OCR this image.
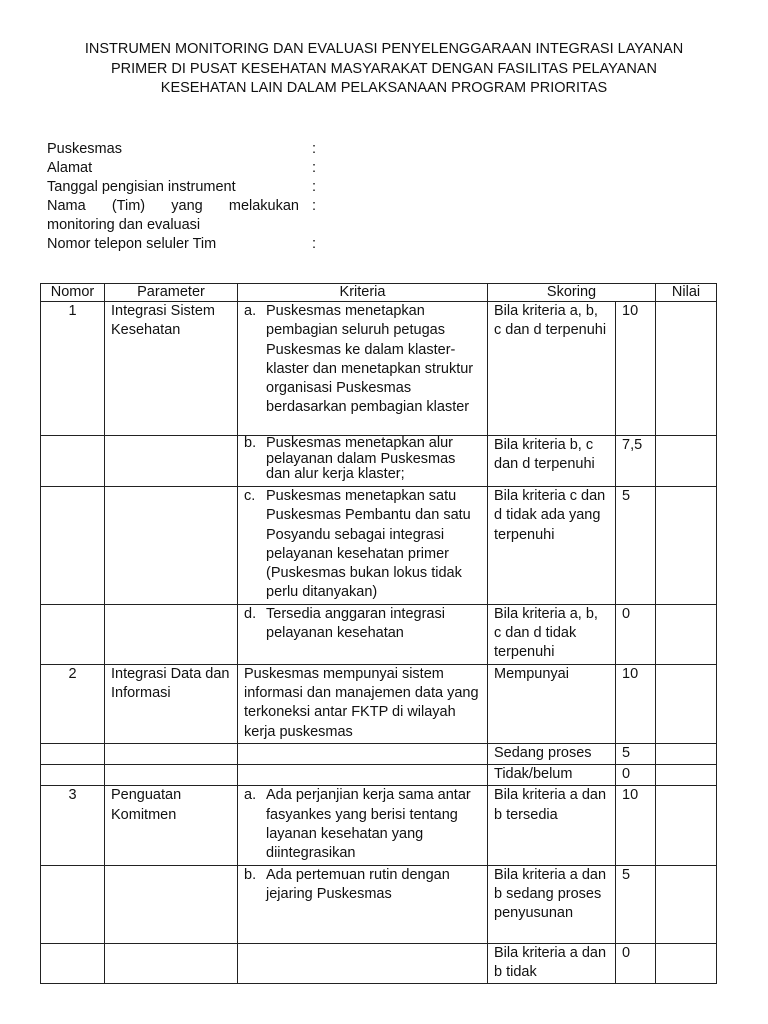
INSTRUMEN MONITORING DAN EVALUASI PENYELENGGARAAN INTEGRASI LAYANAN
PRIMER DI PUSAT KESEHATAN MASYARAKAT DENGAN FASILITAS PELAYANAN
KESEHATAN LAIN DALAM PELAKSANAAN PROGRAM PRIORITAS
Puskesmas	:
Alamat	:
Tanggal pengisian instrument	:
Nama (Tim) yang melakukan monitoring dan evaluasi
:
Nomor telepon seluler Tim	:
Nomor	Parameter	Kriteria	Skoring		Nilai
1	Integrasi Sistem Kesehatan	a. Puskesmas menetapkan pembagian seluruh petugas Puskesmas ke dalam klaster-klaster dan menetapkan struktur organisasi Puskesmas berdasarkan pembagian klaster	Bila kriteria a, b, c dan d terpenuhi	10	

		b. Puskesmas menetapkan alur pelayanan dalam Puskesmas dan alur kerja klaster;	Bila kriteria b, c dan d terpenuhi	7,5	

		c. Puskesmas menetapkan satu Puskesmas Pembantu dan satu Posyandu sebagai integrasi pelayanan kesehatan primer (Puskesmas bukan lokus tidak perlu ditanyakan)	Bila kriteria c dan d tidak ada yang terpenuhi	5	

		d. Tersedia anggaran integrasi pelayanan kesehatan	Bila kriteria a, b, c dan d tidak terpenuhi	0	
2	Integrasi Data dan Informasi	Puskesmas mempunyai sistem informasi dan manajemen data yang terkoneksi antar FKTP di wilayah kerja puskesmas	Mempunyai	10	
			Sedang proses	5	
			Tidak/belum	0	
3	Penguatan Komitmen	a. Ada perjanjian kerja sama antar fasyankes yang berisi tentang layanan kesehatan yang diintegrasikan	Bila kriteria a dan b tersedia	10	

		b. Ada pertemuan rutin dengan jejaring Puskesmas	Bila kriteria a dan b sedang proses penyusunan	5	
			Bila kriteria a dan b tidak	0	
